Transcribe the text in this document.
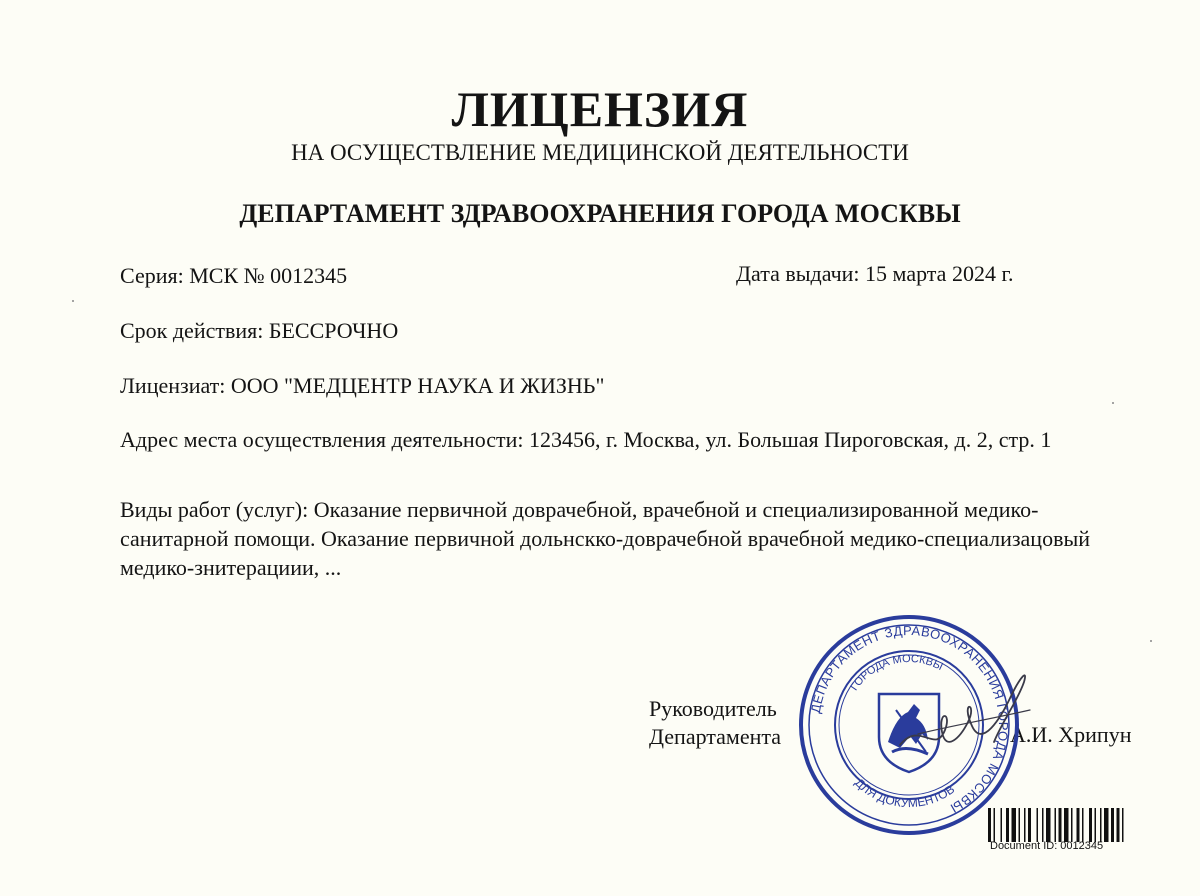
ЛИЦЕНЗИЯ
НА ОСУЩЕСТВЛЕНИЕ МЕДИЦИНСКОЙ ДЕЯТЕЛЬНОСТИ
ДЕПАРТАМЕНТ ЗДРАВООХРАНЕНИЯ ГОРОДА МОСКВЫ
Серия: МСК № 0012345	Дата выдачи: 15 марта 2024 г.
Срок действия: БЕССРОЧНО
Лицензиат: ООО "МЕДЦЕНТР НАУКА И ЖИЗНЬ"
Адрес места осуществления деятельности: 123456, г. Москва, ул. Большая Пироговская, д. 2, стр. 1
Виды работ (услуг): Оказание первичной доврачебной, врачебной и специализированной медико-санитарной помощи. Оказание первичной дольнскко-доврачебной врачебной медико-специализацовый медико-знитерациии, ...
Руководитель
Департамента	А.И. Хрипун
ДЕПАРТАМЕНТ ЗДРАВООХРАНЕНИЯ ГОРОДА МОСКВЫ
ГОРОДА МОСКВЫ
ДЛЯ ДОКУМЕНТОВ
Document ID: 0012345
